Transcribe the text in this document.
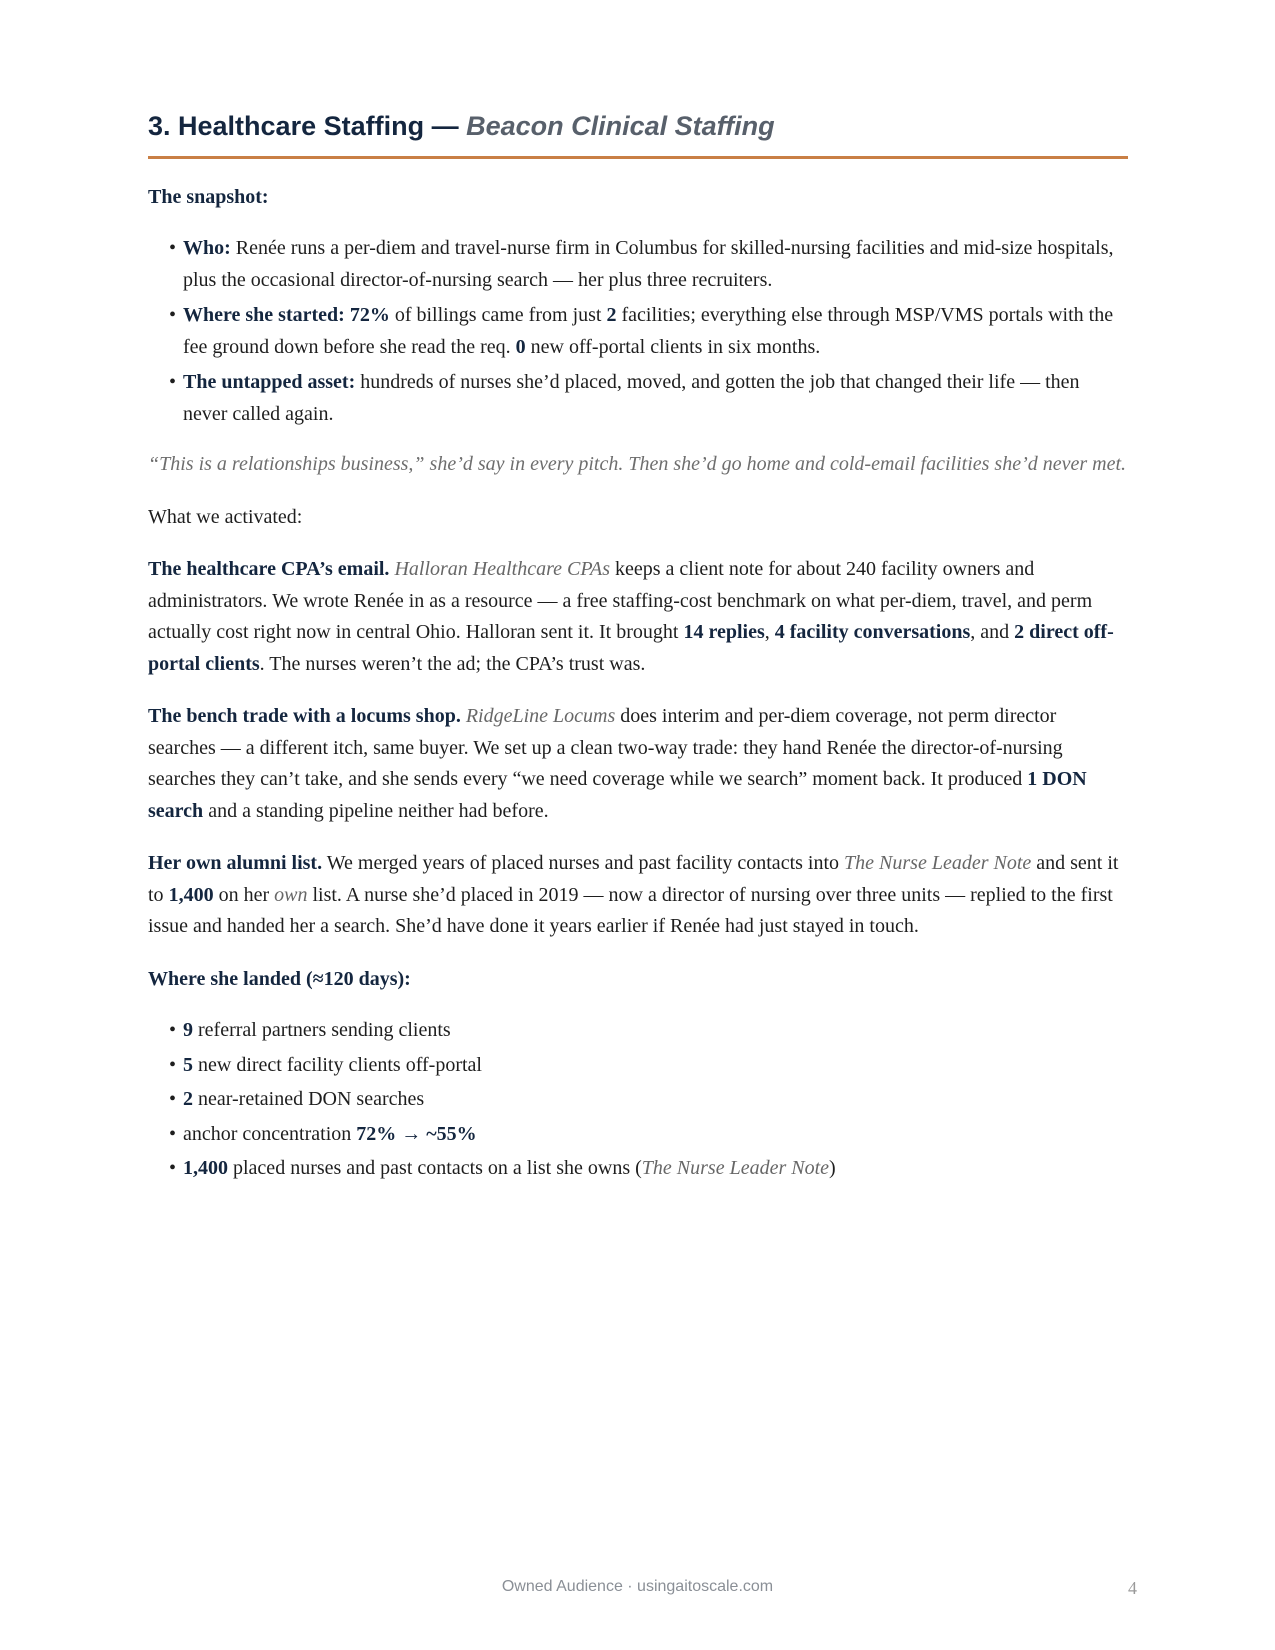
3. Healthcare Staffing — Beacon Clinical Staffing

The snapshot:

• Who: Renée runs a per-diem and travel-nurse firm in Columbus for skilled-nursing facilities and mid-size hospitals, plus the occasional director-of-nursing search — her plus three recruiters.
• Where she started: 72% of billings came from just 2 facilities; everything else through MSP/VMS portals with the fee ground down before she read the req. 0 new off-portal clients in six months.
• The untapped asset: hundreds of nurses she’d placed, moved, and gotten the job that changed their life — then never called again.

“This is a relationships business,” she’d say in every pitch. Then she’d go home and cold-email facilities she’d never met.

What we activated:

The healthcare CPA’s email. Halloran Healthcare CPAs keeps a client note for about 240 facility owners and administrators. We wrote Renée in as a resource — a free staffing-cost benchmark on what per-diem, travel, and perm actually cost right now in central Ohio. Halloran sent it. It brought 14 replies, 4 facility conversations, and 2 direct off-portal clients. The nurses weren’t the ad; the CPA’s trust was.

The bench trade with a locums shop. RidgeLine Locums does interim and per-diem coverage, not perm director searches — a different itch, same buyer. We set up a clean two-way trade: they hand Renée the director-of-nursing searches they can’t take, and she sends every “we need coverage while we search” moment back. It produced 1 DON search and a standing pipeline neither had before.

Her own alumni list. We merged years of placed nurses and past facility contacts into The Nurse Leader Note and sent it to 1,400 on her own list. A nurse she’d placed in 2019 — now a director of nursing over three units — replied to the first issue and handed her a search. She’d have done it years earlier if Renée had just stayed in touch.

Where she landed (≈120 days):

• 9 referral partners sending clients
• 5 new direct facility clients off-portal
• 2 near-retained DON searches
• anchor concentration 72% → ~55%
• 1,400 placed nurses and past contacts on a list she owns (The Nurse Leader Note)
Owned Audience · usingaitoscale.com	4
